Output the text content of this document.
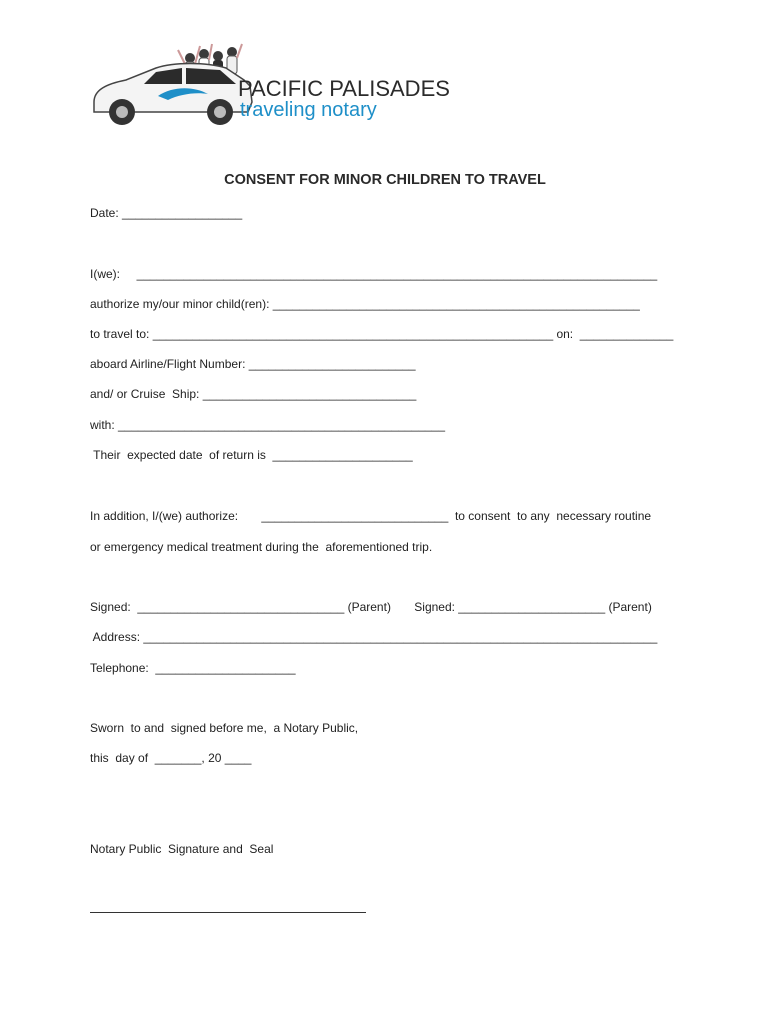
PACIFIC PALISADES
traveling notary
CONSENT FOR MINOR CHILDREN TO TRAVEL
Date: __________________
I(we):     ______________________________________________________________________________
authorize my/our minor child(ren): _______________________________________________________
to travel to: ____________________________________________________________ on:  ______________
aboard Airline/Flight Number: _________________________
and/ or Cruise  Ship: ________________________________
with: _________________________________________________
Their  expected date  of return is  _____________________
In addition, I/(we) authorize:       ____________________________  to consent  to any  necessary routine
or emergency medical treatment during the  aforementioned trip.
Signed:  _______________________________ (Parent)       Signed: ______________________ (Parent)
Address: _____________________________________________________________________________
Telephone:  _____________________
Sworn  to and  signed before me,  a Notary Public,
this  day of  _______, 20 ____
Notary Public  Signature and  Seal
